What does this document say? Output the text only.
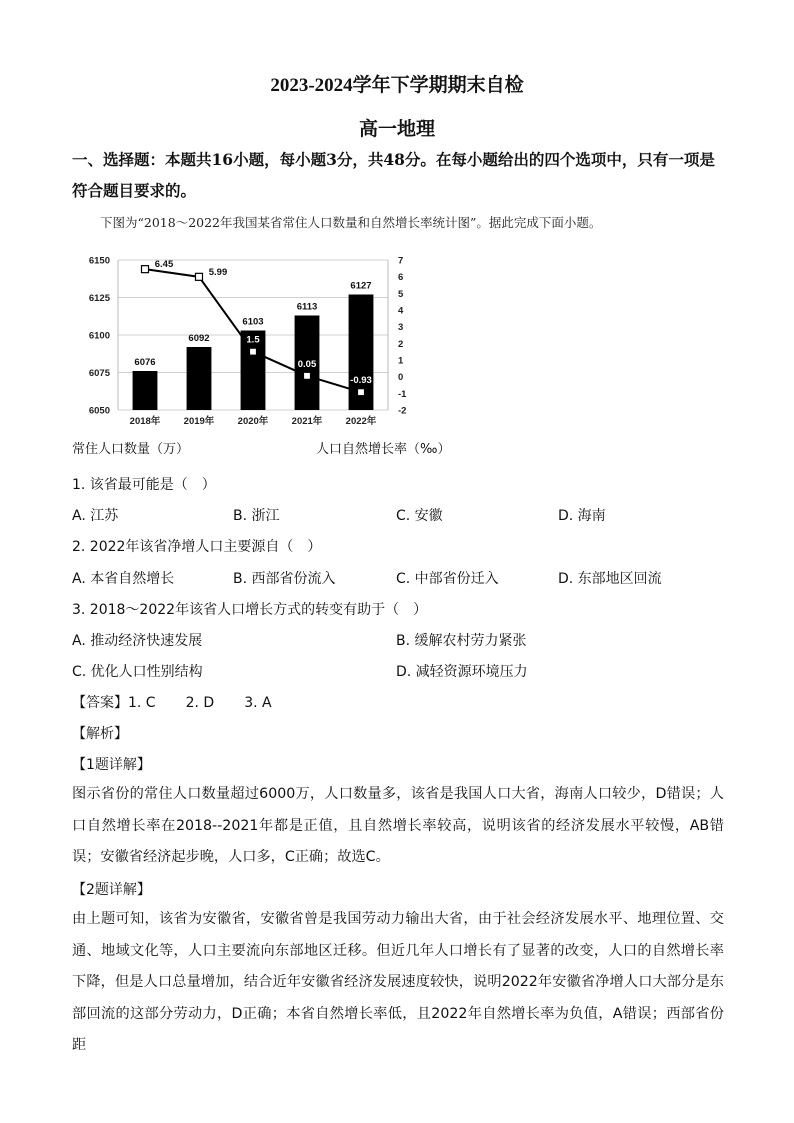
2023-2024学年下学期期末自检
高一地理
一、选择题：本题共16小题，每小题3分，共48分。在每小题给出的四个选项中，只有一项是符合题目要求的。
下图为“2018～2022年我国某省常住人口数量和自然增长率统计图”。据此完成下面小题。
6050
6075
6100
6125
6150
-2
-1
0
1
2
3
4
5
6
7
6076
2018年
6092
2019年
6103
2020年
6113
2021年
6127
2022年
6.45
5.99
1.5
0.05
-0.93
常住人口数量（万）	人口自然增长率（‰）
1. 该省最可能是（　）
A. 江苏	B. 浙江	C. 安徽	D. 海南
2. 2022年该省净增人口主要源自（　）
A. 本省自然增长	B. 西部省份流入	C. 中部省份迁入	D. 东部地区回流
3. 2018～2022年该省人口增长方式的转变有助于（　）
A. 推动经济快速发展	B. 缓解农村劳力紧张
C. 优化人口性别结构	D. 减轻资源环境压力
【答案】1. C 2. D 3. A
【解析】
【1题详解】
图示省份的常住人口数量超过6000万，人口数量多，该省是我国人口大省，海南人口较少，D错误；人口自然增长率在2018--2021年都是正值，且自然增长率较高，说明该省的经济发展水平较慢，AB错误；安徽省经济起步晚，人口多，C正确；故选C。
【2题详解】
由上题可知，该省为安徽省，安徽省曾是我国劳动力输出大省，由于社会经济发展水平、地理位置、交通、地域文化等，人口主要流向东部地区迁移。但近几年人口增长有了显著的改变，人口的自然增长率下降，但是人口总量增加，结合近年安徽省经济发展速度较快，说明2022年安徽省净增人口大部分是东部回流的这部分劳动力，D正确；本省自然增长率低，且2022年自然增长率为负值，A错误；西部省份距
